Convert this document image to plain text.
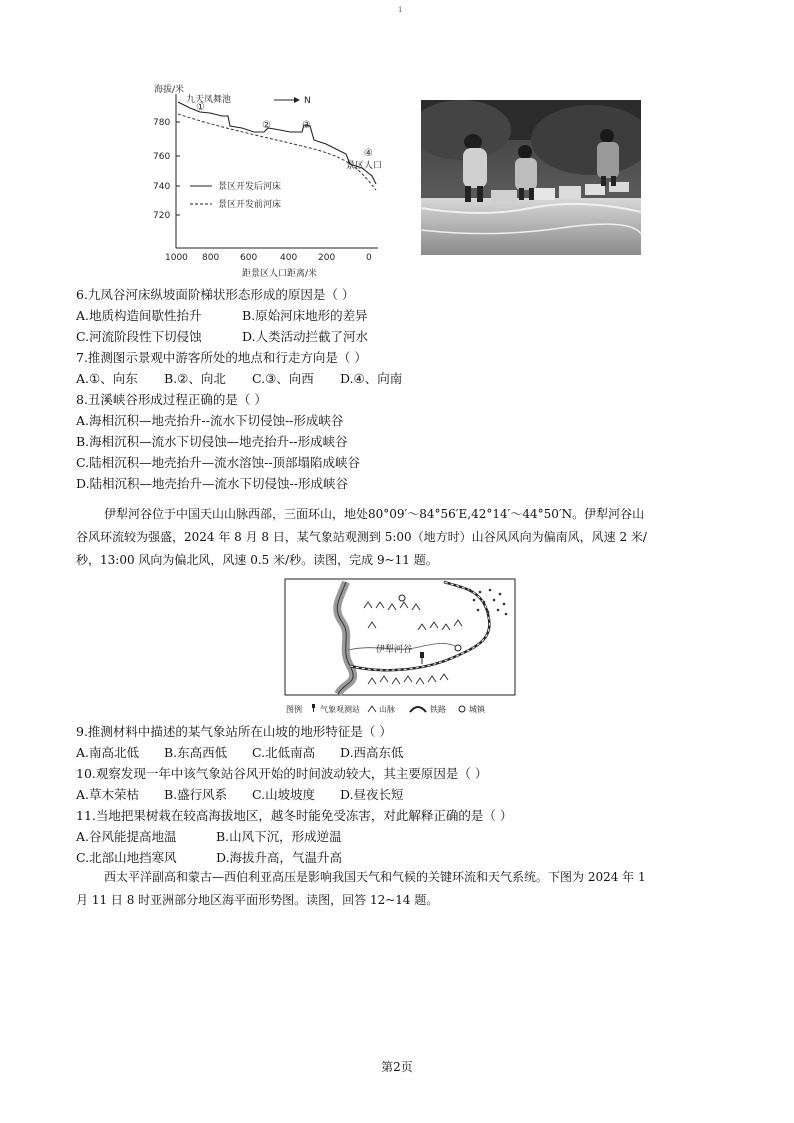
1
海拔/米
780
760
740
720
1000 800 600	400 200	0
距景区人口距离/米
九天凤舞池	N
①
②	③
④
景区人口
景区开发后河床
景区开发前河床
6.九凤谷河床纵坡面阶梯状形态形成的原因是（ ）
A.地质构造间歇性抬升	B.原始河床地形的差异
C.河流阶段性下切侵蚀	D.人类活动拦截了河水
7.推测图示景观中游客所处的地点和行走方向是（ ）
A.①、向东 B.②、向北 C.③、向西 D.④、向南
8.丑溪峡谷形成过程正确的是（ ）
A.海相沉积—地壳抬升--流水下切侵蚀--形成峡谷
B.海相沉积—流水下切侵蚀—地壳抬升--形成峡谷
C.陆相沉积—地壳抬升—流水溶蚀--顶部塌陷成峡谷
D.陆相沉积—地壳抬升—流水下切侵蚀--形成峡谷
伊犁河谷位于中国天山山脉西部，三面环山，地处80°09′～84°56′E,42°14′～44°50′N。伊犁河谷山
谷风环流较为强盛，2024 年 8 月 8 日，某气象站观测到 5:00（地方时）山谷风风向为偏南风，风速 2 米/
秒，13:00 风向为偏北风，风速 0.5 米/秒。读图，完成 9~11 题。
伊犁河谷
图例 气象观测站 山脉	铁路	城镇
9.推测材料中描述的某气象站所在山坡的地形特征是（ ）
A.南高北低 B.东高西低 C.北低南高 D.西高东低
10.观察发现一年中该气象站谷风开始的时间波动较大，其主要原因是（ ）
A.草木荣枯 B.盛行风系 C.山坡坡度 D.昼夜长短
11.当地把果树栽在较高海拔地区，越冬时能免受冻害，对此解释正确的是（ ）
A.谷风能提高地温	B.山风下沉，形成逆温
C.北部山地挡寒风	D.海拔升高，气温升高
西太平洋副高和蒙古—西伯利亚高压是影响我国天气和气候的关键环流和天气系统。下图为 2024 年 1
月 11 日 8 时亚洲部分地区海平面形势图。读图，回答 12~14 题。
第2页
